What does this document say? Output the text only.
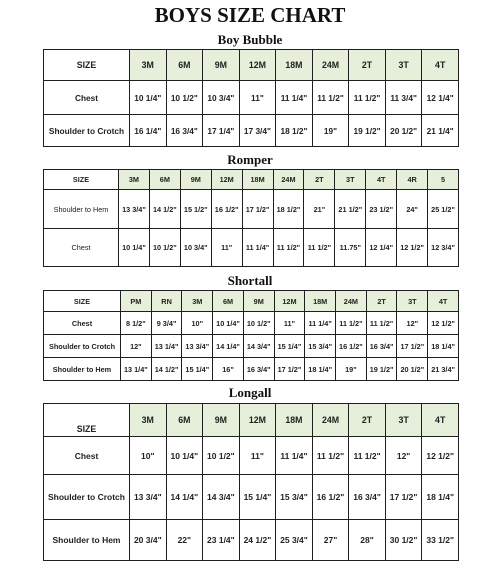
BOYS SIZE CHART
Boy Bubble
SIZE	3M	6M	9M	12M	18M	24M	2T	3T	4T
Chest	10 1/4"	10 1/2"	10 3/4"	11"	11 1/4"	11 1/2"	11 1/2"	11 3/4"	12 1/4"
Shoulder to Crotch	16 1/4"	16 3/4"	17 1/4"	17 3/4"	18 1/2"	19"	19 1/2"	20 1/2"	21 1/4"
Romper
SIZE	3M	6M	9M	12M	18M	24M	2T	3T	4T	4R	5
Shoulder to Hem	13 3/4"	14 1/2"	15 1/2"	16 1/2"	17 1/2"	18 1/2"	21"	21 1/2"	23 1/2"	24"	25 1/2"
Chest	10 1/4"	10 1/2"	10 3/4"	11"	11 1/4"	11 1/2"	11 1/2"	11.75"	12 1/4"	12 1/2"	12 3/4"
Shortall
SIZE	PM	RN	3M	6M	9M	12M	18M	24M	2T	3T	4T
Chest	8 1/2"	9 3/4"	10"	10 1/4"	10 1/2"	11"	11 1/4"	11 1/2"	11 1/2"	12"	12 1/2"
Shoulder to Crotch	12"	13 1/4"	13 3/4"	14 1/4"	14 3/4"	15 1/4"	15 3/4"	16 1/2"	16 3/4"	17 1/2"	18 1/4"
Shoulder to Hem	13 1/4"	14 1/2"	15 1/4"	16"	16 3/4"	17 1/2"	18 1/4"	19"	19 1/2"	20 1/2"	21 3/4"
Longall
SIZE	3M	6M	9M	12M	18M	24M	2T	3T	4T
Chest	10"	10 1/4"	10 1/2"	11"	11 1/4"	11 1/2"	11 1/2"	12"	12 1/2"
Shoulder to Crotch	13 3/4"	14 1/4"	14 3/4"	15 1/4"	15 3/4"	16 1/2"	16 3/4"	17 1/2"	18 1/4"
Shoulder to Hem	20 3/4"	22"	23 1/4"	24 1/2"	25 3/4"	27"	28"	30 1/2"	33 1/2"
